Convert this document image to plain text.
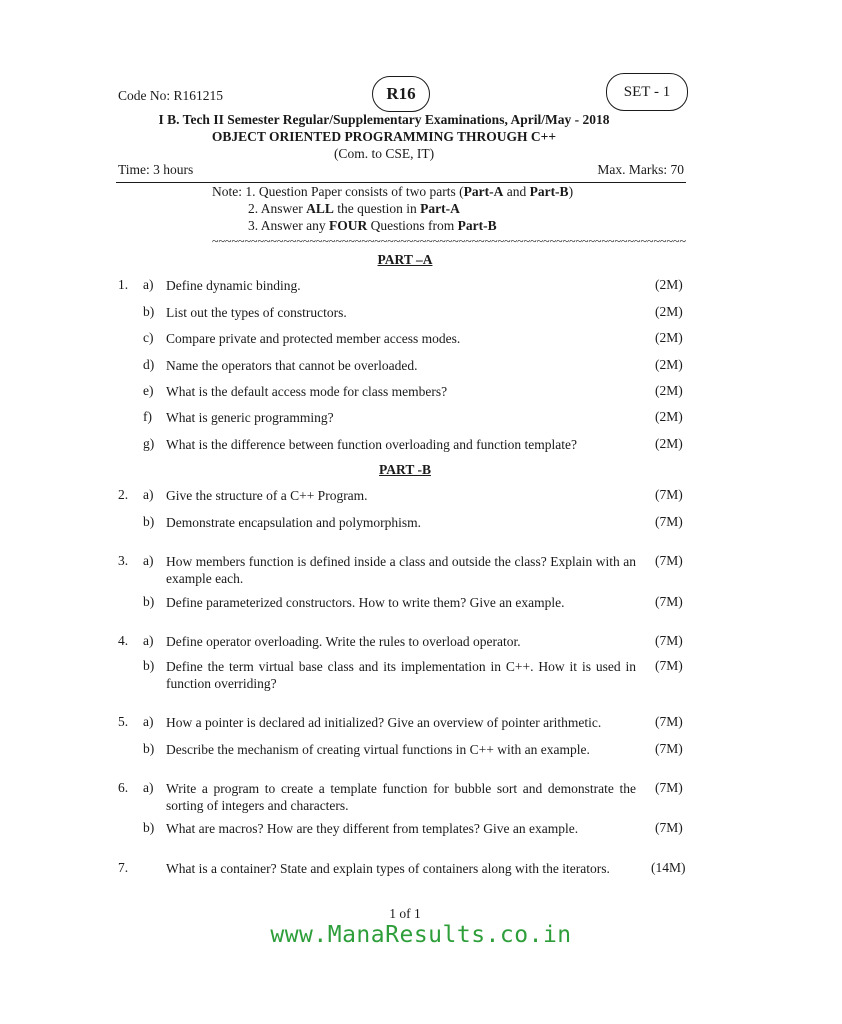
Code No: R161215	R16	SET - 1
I B. Tech II Semester Regular/Supplementary Examinations, April/May - 2018
OBJECT ORIENTED PROGRAMMING THROUGH C++
(Com. to CSE, IT)
Time: 3 hours	Max. Marks: 70
Note: 1. Question Paper consists of two parts (Part-A and Part-B)
2. Answer ALL the question in Part-A
3. Answer any FOUR Questions from Part-B
~~~~~~~~~~~~~~~~~~~~~~~~~~~~~~~~~~~~~~~~~~~~~~~~~~~~~~~~~~~~~~~~~~~~~~~~~
PART –A
1. a) Define dynamic binding.	(2M)
b) List out the types of constructors.	(2M)
c) Compare private and protected member access modes.	(2M)
d) Name the operators that cannot be overloaded.	(2M)
e) What is the default access mode for class members?	(2M)
f) What is generic programming?	(2M)
g) What is the difference between function overloading and function template?	(2M)
PART -B
2. a) Give the structure of a C++ Program.	(7M)
b) Demonstrate encapsulation and polymorphism.	(7M)
3. a) How members function is defined inside a class and outside the class? Explain with an example each.
(7M)
b) Define parameterized constructors. How to write them? Give an example.	(7M)
4. a) Define operator overloading. Write the rules to overload operator.	(7M)
b) Define the term virtual base class and its implementation in C++. How it is used in function overriding?
(7M)
5. a) How a pointer is declared ad initialized? Give an overview of pointer arithmetic.	(7M)
b) Describe the mechanism of creating virtual functions in C++ with an example.	(7M)
6. a) Write a program to create a template function for bubble sort and demonstrate the sorting of integers and characters.
(7M)
b) What are macros? How are they different from templates? Give an example.	(7M)
7.	What is a container? State and explain types of containers along with the iterators.	(14M)
1 of 1
www.ManaResults.co.in
